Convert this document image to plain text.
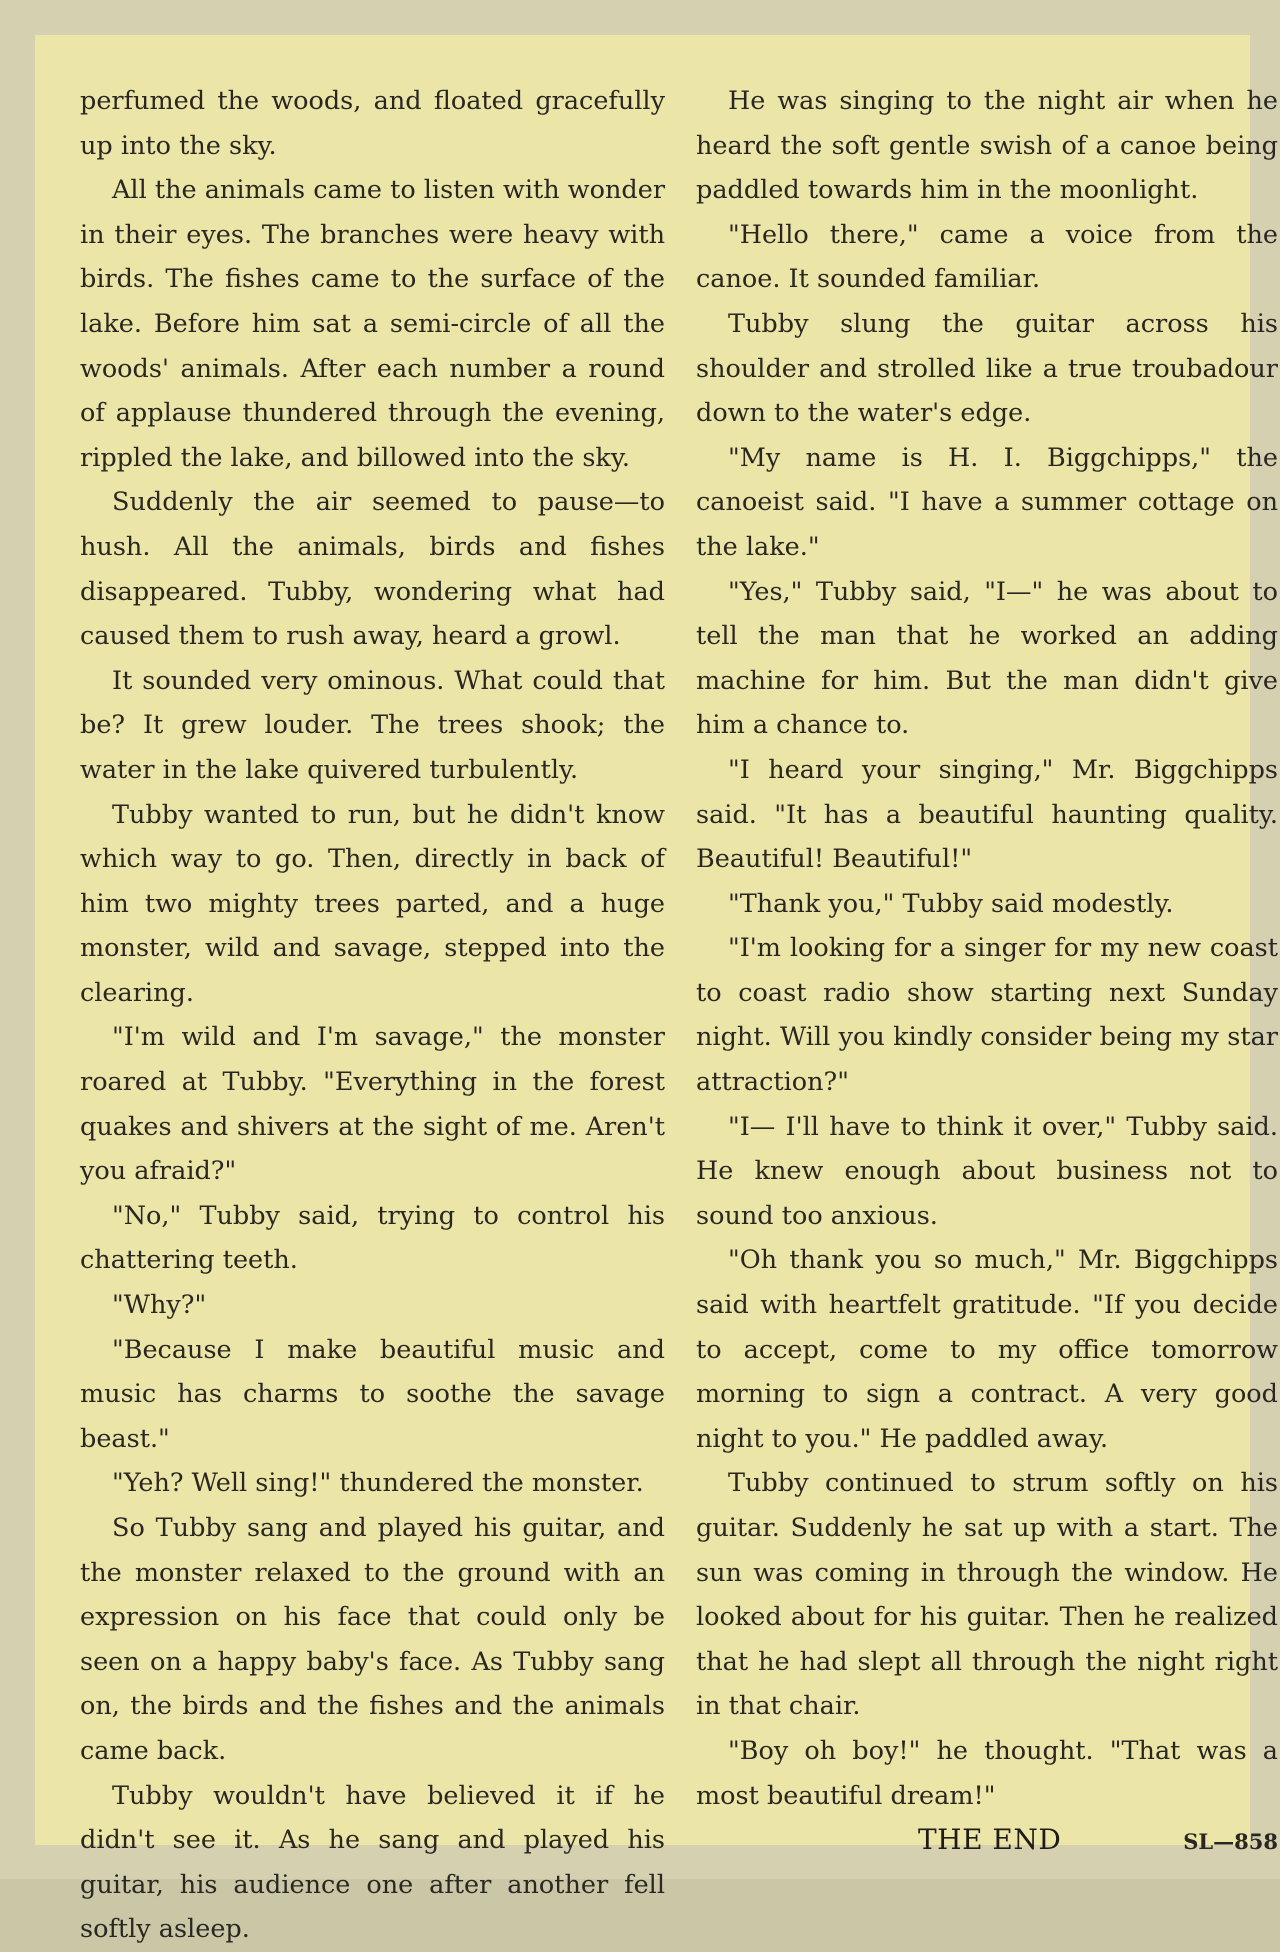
perfumed the woods, and floated gracefully up into the sky.

All the animals came to listen with wonder in their eyes. The branches were heavy with birds. The fishes came to the surface of the lake. Before him sat a semi-circle of all the woods' animals. After each number a round of applause thundered through the evening, rippled the lake, and billowed into the sky.

Suddenly the air seemed to pause—to hush. All the animals, birds and fishes disappeared. Tubby, wondering what had caused them to rush away, heard a growl.

It sounded very ominous. What could that be? It grew louder. The trees shook; the water in the lake quivered turbulently.

Tubby wanted to run, but he didn't know which way to go. Then, directly in back of him two mighty trees parted, and a huge monster, wild and savage, stepped into the clearing.

"I'm wild and I'm savage," the monster roared at Tubby. "Everything in the forest quakes and shivers at the sight of me. Aren't you afraid?"

"No," Tubby said, trying to control his chattering teeth.

"Why?"

"Because I make beautiful music and music has charms to soothe the savage beast."

"Yeh? Well sing!" thundered the monster.

So Tubby sang and played his guitar, and the monster relaxed to the ground with an expression on his face that could only be seen on a happy baby's face. As Tubby sang on, the birds and the fishes and the animals came back.

Tubby wouldn't have believed it if he didn't see it. As he sang and played his guitar, his audience one after another fell softly asleep.

He was singing to the night air when he heard the soft gentle swish of a canoe being paddled towards him in the moonlight.

"Hello there," came a voice from the canoe. It sounded familiar.

Tubby slung the guitar across his shoulder and strolled like a true troubadour down to the water's edge.

"My name is H. I. Biggchipps," the canoeist said. "I have a summer cottage on the lake."

"Yes," Tubby said, "I—" he was about to tell the man that he worked an adding machine for him. But the man didn't give him a chance to.

"I heard your singing," Mr. Biggchipps said. "It has a beautiful haunting quality. Beautiful! Beautiful!"

"Thank you," Tubby said modestly.

"I'm looking for a singer for my new coast to coast radio show starting next Sunday night. Will you kindly consider being my star attraction?"

"I— I'll have to think it over," Tubby said. He knew enough about business not to sound too anxious.

"Oh thank you so much," Mr. Biggchipps said with heartfelt gratitude. "If you decide to accept, come to my office tomorrow morning to sign a contract. A very good night to you." He paddled away.

Tubby continued to strum softly on his guitar. Suddenly he sat up with a start. The sun was coming in through the window. He looked about for his guitar. Then he realized that he had slept all through the night right in that chair.

"Boy oh boy!" he thought. "That was a most beautiful dream!"

THE END	SL—858
